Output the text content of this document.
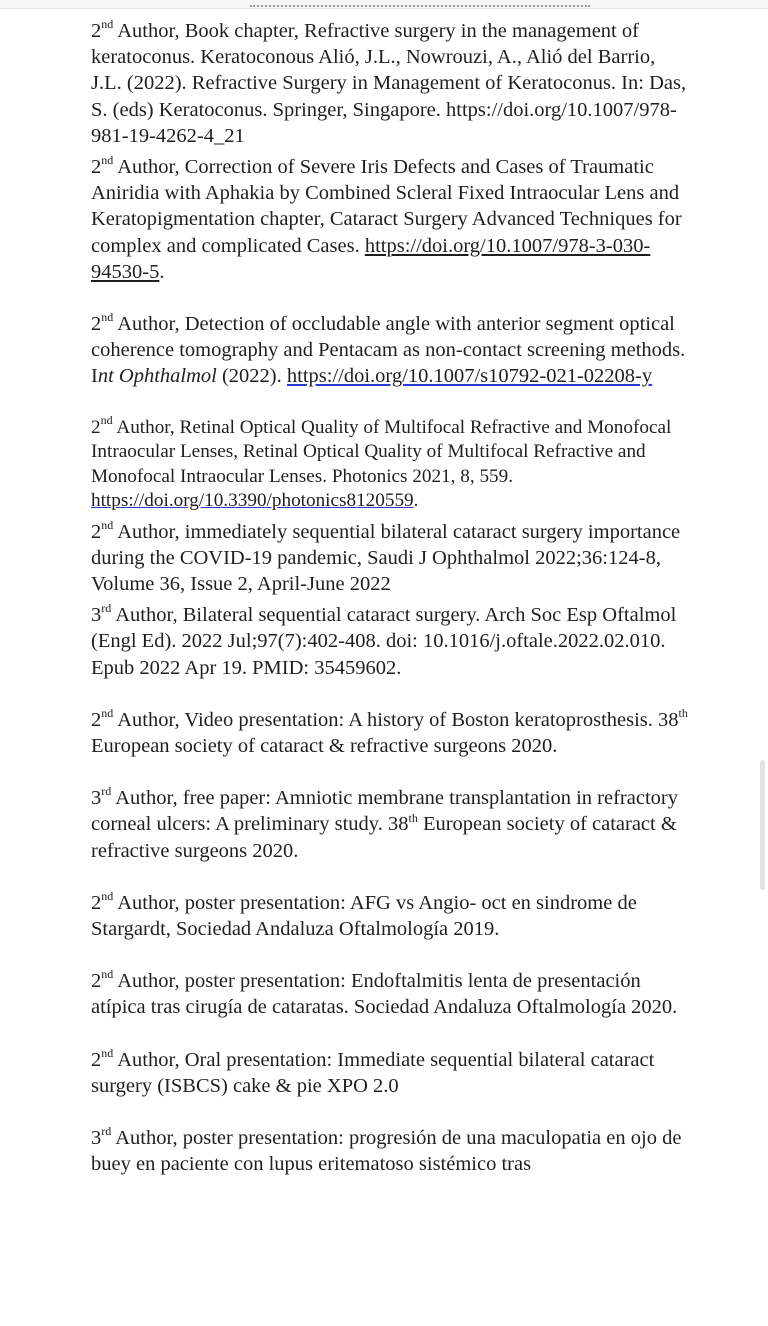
2nd Author, Book chapter, Refractive surgery in the management of keratoconus. Keratoconous Alió, J.L., Nowrouzi, A., Alió del Barrio, J.L. (2022). Refractive Surgery in Management of Keratoconus. In: Das, S. (eds) Keratoconus. Springer, Singapore. https://doi.org/10.1007/978-981-19-4262-4_21

2nd Author, Correction of Severe Iris Defects and Cases of Traumatic Aniridia with Aphakia by Combined Scleral Fixed Intraocular Lens and Keratopigmentation chapter, Cataract Surgery Advanced Techniques for complex and complicated Cases. https://doi.org/10.1007/978-3-030-94530-5.

2nd Author, Detection of occludable angle with anterior segment optical coherence tomography and Pentacam as non-contact screening methods. Int Ophthalmol (2022). https://doi.org/10.1007/s10792-021-02208-y

2nd Author, Retinal Optical Quality of Multifocal Refractive and Monofocal Intraocular Lenses, Retinal Optical Quality of Multifocal Refractive and Monofocal Intraocular Lenses. Photonics 2021, 8, 559. https://doi.org/10.3390/photonics8120559.

2nd Author, immediately sequential bilateral cataract surgery importance during the COVID-19 pandemic, Saudi J Ophthalmol 2022;36:124-8, Volume 36, Issue 2, April-June 2022

3rd Author, Bilateral sequential cataract surgery. Arch Soc Esp Oftalmol (Engl Ed). 2022 Jul;97(7):402-408. doi: 10.1016/j.oftale.2022.02.010. Epub 2022 Apr 19. PMID: 35459602.

2nd Author, Video presentation: A history of Boston keratoprosthesis. 38th European society of cataract & refractive surgeons 2020.

3rd Author, free paper: Amniotic membrane transplantation in refractory corneal ulcers: A preliminary study. 38th European society of cataract & refractive surgeons 2020.

2nd Author, poster presentation: AFG vs Angio- oct en sindrome de Stargardt, Sociedad Andaluza Oftalmología 2019.

2nd Author, poster presentation: Endoftalmitis lenta de presentación atípica tras cirugía de cataratas. Sociedad Andaluza Oftalmología 2020.

2nd Author, Oral presentation: Immediate sequential bilateral cataract surgery (ISBCS) cake & pie XPO 2.0

3rd Author, poster presentation: progresión de una maculopatia en ojo de buey en paciente con lupus eritematoso sistémico tras
